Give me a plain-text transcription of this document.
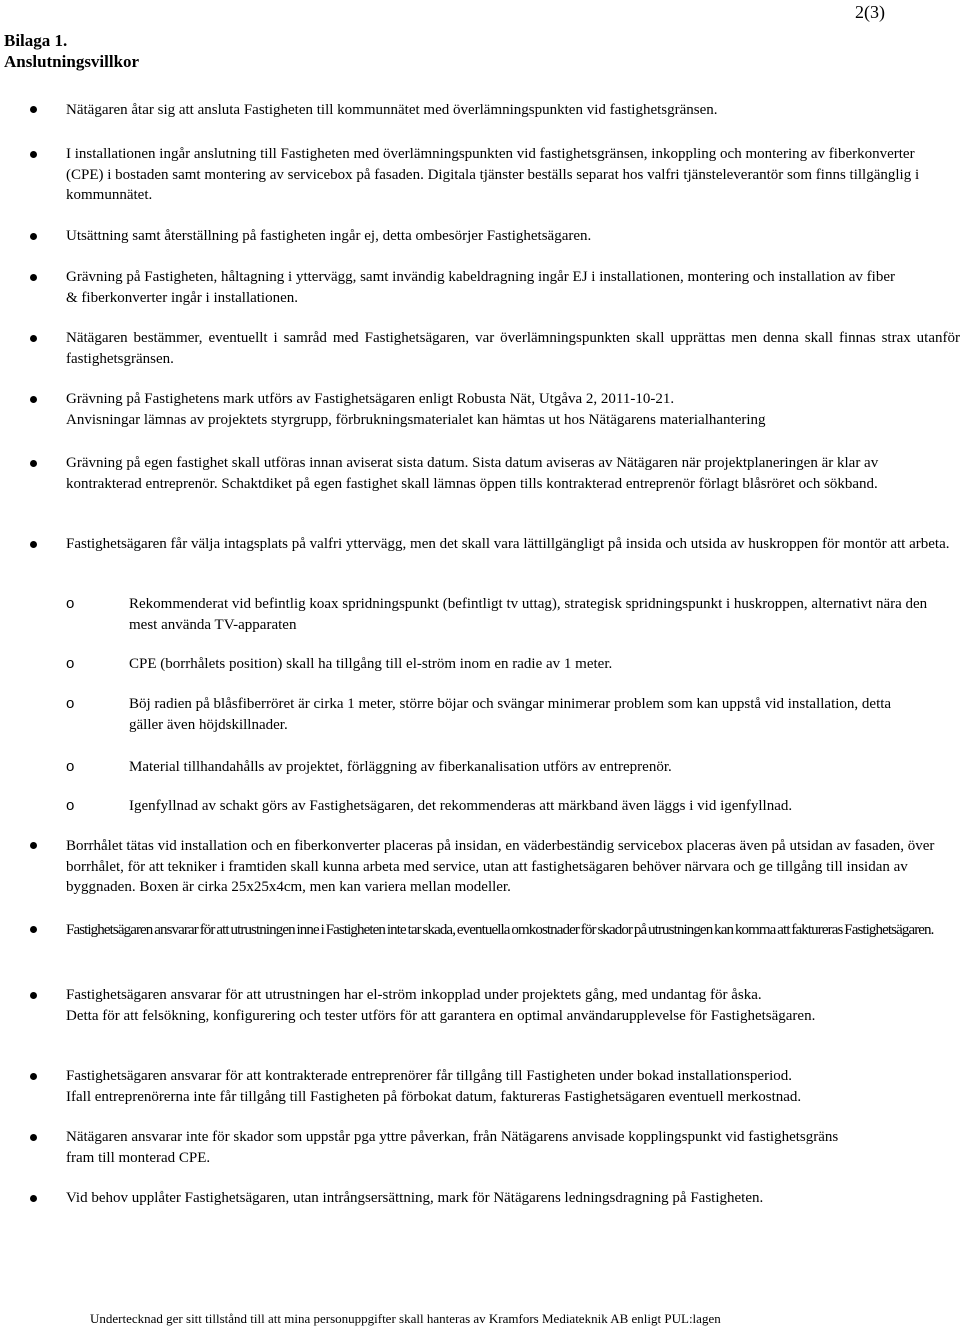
2(3)
Bilaga 1.
Anslutningsvillkor

Nätägaren åtar sig att ansluta Fastigheten till kommunnätet med överlämningspunkten vid fastighetsgränsen.

I installationen ingår anslutning till Fastigheten med överlämningspunkten vid fastighetsgränsen, inkoppling och montering av fiberkonverter (CPE) i bostaden samt montering av servicebox på fasaden. Digitala tjänster beställs separat hos valfri tjänsteleverantör som finns tillgänglig i kommunnätet.

Utsättning samt återställning på fastigheten ingår ej, detta ombesörjer Fastighetsägaren.

Grävning på Fastigheten, håltagning i yttervägg, samt invändig kabeldragning ingår EJ i installationen, montering och installation av fiber & fiberkonverter ingår i installationen.

Nätägaren bestämmer, eventuellt i samråd med Fastighetsägaren, var överlämningspunkten skall upprättas men denna skall finnas strax utanför fastighetsgränsen.

Grävning på Fastighetens mark utförs av Fastighetsägaren enligt Robusta Nät, Utgåva 2, 2011-10-21.

Anvisningar lämnas av projektets styrgrupp, förbrukningsmaterialet kan hämtas ut hos Nätägarens materialhantering

Grävning på egen fastighet skall utföras innan aviserat sista datum. Sista datum aviseras av Nätägaren när projektplaneringen är klar av kontrakterad entreprenör. Schaktdiket på egen fastighet skall lämnas öppen tills kontrakterad entreprenör förlagt blåsröret och sökband.

Fastighetsägaren får välja intagsplats på valfri yttervägg, men det skall vara lättillgängligt på insida och utsida av huskroppen för montör att arbeta.

o	Rekommenderat vid befintlig koax spridningspunkt (befintligt tv uttag), strategisk spridningspunkt i huskroppen, alternativt nära den mest använda TV-apparaten

o	CPE (borrhålets position) skall ha tillgång till el-ström inom en radie av 1 meter.

o	Böj radien på blåsfiberröret är cirka 1 meter, större böjar och svängar minimerar problem som kan uppstå vid installation, detta gäller även höjdskillnader.

o	Material tillhandahålls av projektet, förläggning av fiberkanalisation utförs av entreprenör.

o	Igenfyllnad av schakt görs av Fastighetsägaren, det rekommenderas att märkband även läggs i vid igenfyllnad.

Borrhålet tätas vid installation och en fiberkonverter placeras på insidan, en väderbeständig servicebox placeras även på utsidan av fasaden, över borrhålet, för att tekniker i framtiden skall kunna arbeta med service, utan att fastighetsägaren behöver närvara och ge tillgång till insidan av byggnaden. Boxen är cirka 25x25x4cm, men kan variera mellan modeller.

Fastighetsägaren ansvarar för att utrustningen inne i Fastigheten inte tar skada, eventuella omkostnader för skador på utrustningen kan komma att faktureras Fastighetsägaren.

Fastighetsägaren ansvarar för att utrustningen har el-ström inkopplad under projektets gång, med undantag för åska.

Detta för att felsökning, konfigurering och tester utförs för att garantera en optimal användarupplevelse för Fastighetsägaren.

Fastighetsägaren ansvarar för att kontrakterade entreprenörer får tillgång till Fastigheten under bokad installationsperiod.

Ifall entreprenörerna inte får tillgång till Fastigheten på förbokat datum, faktureras Fastighetsägaren eventuell merkostnad.

Nätägaren ansvarar inte för skador som uppstår pga yttre påverkan, från Nätägarens anvisade kopplingspunkt vid fastighetsgräns fram till monterad CPE.

Vid behov upplåter Fastighetsägaren, utan intrångsersättning, mark för Nätägarens ledningsdragning på Fastigheten.

Undertecknad ger sitt tillstånd till att mina personuppgifter skall hanteras av Kramfors Mediateknik AB enligt PUL:lagen
